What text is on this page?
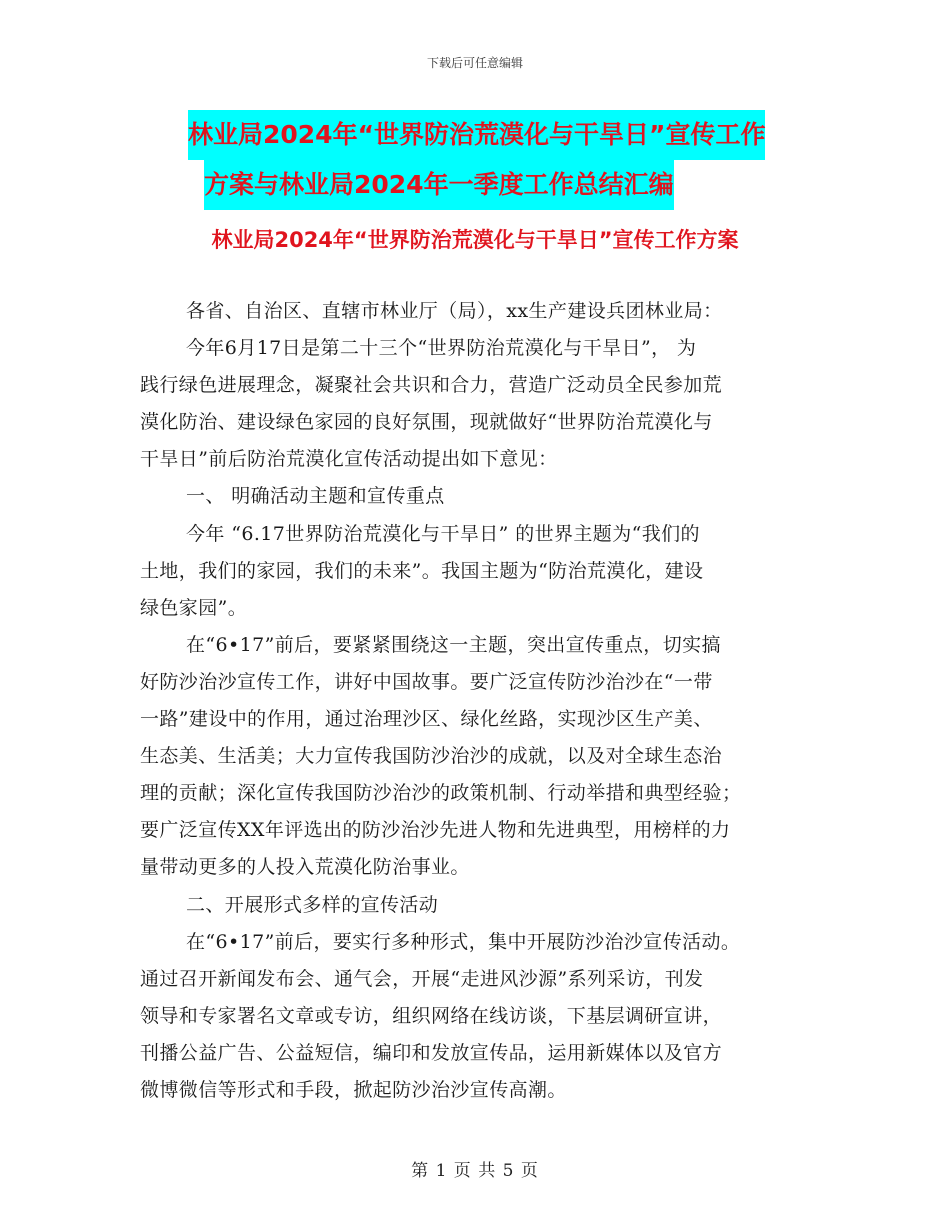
下载后可任意编辑
林业局2024年“世界防治荒漠化与干旱日”宣传工作
方案与林业局2024年一季度工作总结汇编
林业局2024年“世界防治荒漠化与干旱日”宣传工作方案

各省、自治区、直辖市林业厅（局），xx生产建设兵团林业局：

今年6月17日是第二十三个“世界防治荒漠化与干旱日”， 为

践行绿色进展理念，凝聚社会共识和合力，营造广泛动员全民参加荒

漠化防治、建设绿色家园的良好氛围，现就做好“世界防治荒漠化与

干旱日”前后防治荒漠化宣传活动提出如下意见：

一、 明确活动主题和宣传重点

今年 “6.17世界防治荒漠化与干旱日” 的世界主题为“我们的

土地，我们的家园，我们的未来”。我国主题为“防治荒漠化，建设

绿色家园”。

在“6•17”前后，要紧紧围绕这一主题，突出宣传重点，切实搞

好防沙治沙宣传工作，讲好中国故事。要广泛宣传防沙治沙在“一带

一路”建设中的作用，通过治理沙区、绿化丝路，实现沙区生产美、

生态美、生活美；大力宣传我国防沙治沙的成就，以及对全球生态治

理的贡献；深化宣传我国防沙治沙的政策机制、行动举措和典型经验；

要广泛宣传XX年评选出的防沙治沙先进人物和先进典型，用榜样的力

量带动更多的人投入荒漠化防治事业。

二、开展形式多样的宣传活动

在“6•17”前后，要实行多种形式，集中开展防沙治沙宣传活动。

通过召开新闻发布会、通气会，开展“走进风沙源”系列采访，刊发

领导和专家署名文章或专访，组织网络在线访谈，下基层调研宣讲，

刊播公益广告、公益短信，编印和发放宣传品，运用新媒体以及官方

微博微信等形式和手段，掀起防沙治沙宣传高潮。

第 1 页 共 5 页
